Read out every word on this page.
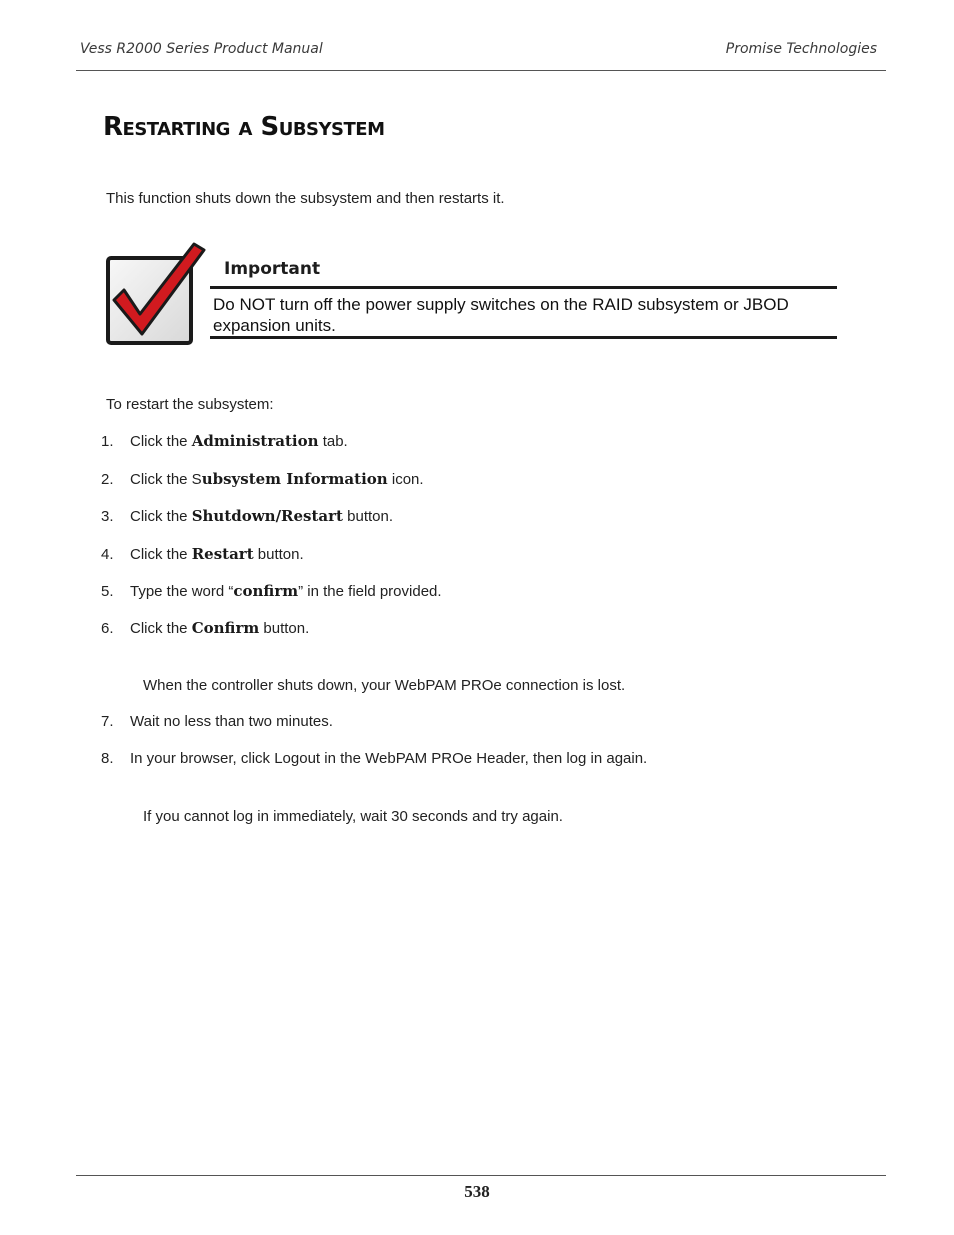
Vess R2000 Series Product Manual	Promise Technologies
Restarting a Subsystem
This function shuts down the subsystem and then restarts it.
Important
Do NOT turn off the power supply switches on the RAID subsystem or JBOD expansion units.
To restart the subsystem:
1. Click the Administration tab.
2. Click the Subsystem Information icon.
3. Click the Shutdown/Restart button.
4. Click the Restart button.
5. Type the word “confirm” in the field provided.
6. Click the Confirm button.
When the controller shuts down, your WebPAM PROe connection is lost.
7. Wait no less than two minutes.
8. In your browser, click Logout in the WebPAM PROe Header, then log in again.
If you cannot log in immediately, wait 30 seconds and try again.
538
